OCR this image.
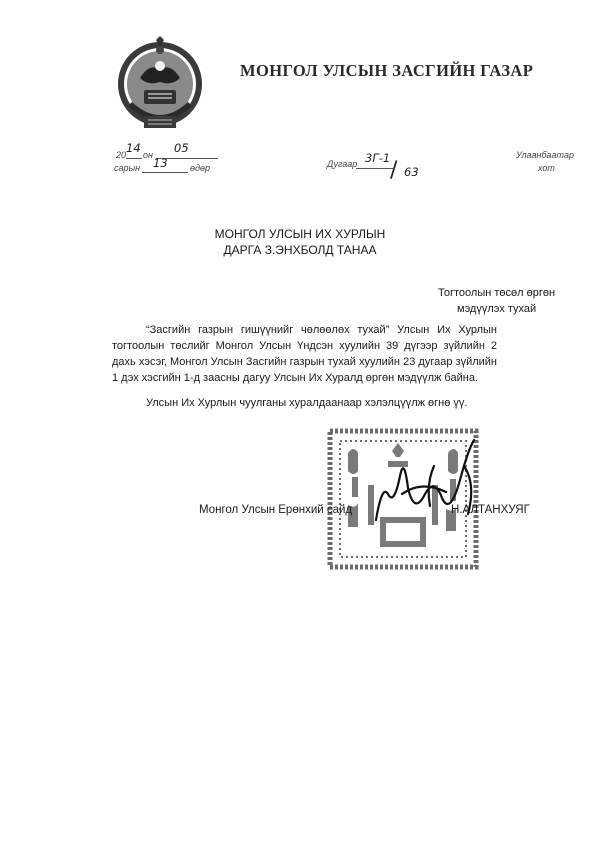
МОНГОЛ УЛСЫН ЗАСГИЙН ГАЗАР
20 14 он 05
сарын 13 өдөр	Дугаар 3Г-1 / 63
Улаанбаатар
хот
МОНГОЛ УЛСЫН ИХ ХУРЛЫН
ДАРГА З.ЭНХБОЛД ТАНАА
Тогтоолын төсөл өргөн
мэдүүлэх тухай
“Засгийн газрын гишүүнийг чөлөөлөх тухай” Улсын Их Хурлын тогтоолын төслийг Монгол Улсын Үндсэн хуулийн 39 дүгээр зүйлийн 2 дахь хэсэг, Монгол Улсын Засгийн газрын тухай хуулийн 23 дугаар зүйлийн 1 дэх хэсгийн 1-д заасны дагуу Улсын Их Хуралд өргөн мэдүүлж байна.
Улсын Их Хурлын чуулганы хуралдаанаар хэлэлцүүлж өгнө үү.
Монгол Улсын Ерөнхий сайд	Н.АЛТАНХУЯГ
